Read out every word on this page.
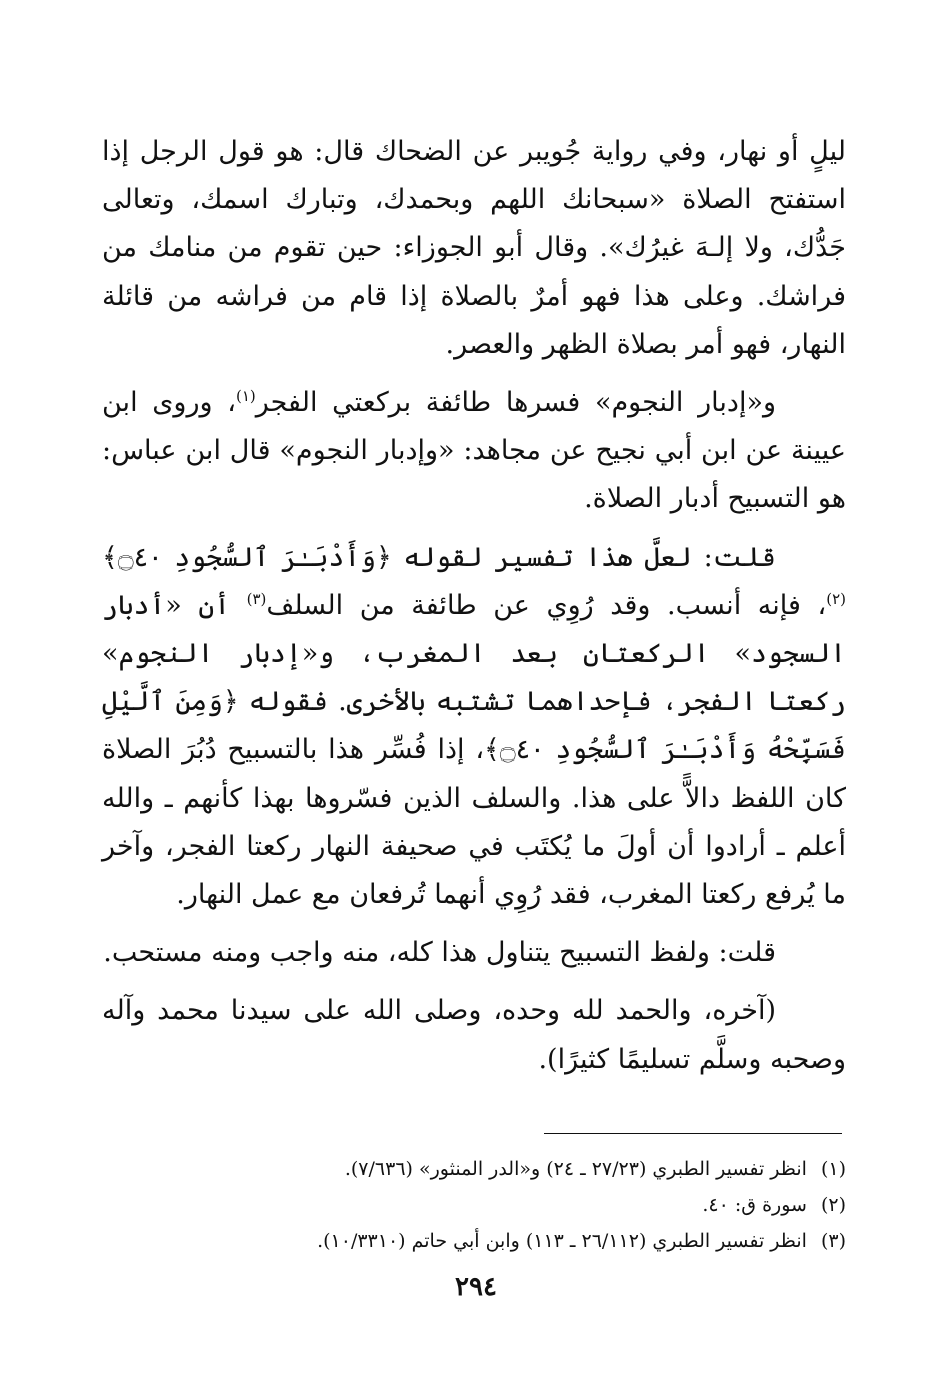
ليلٍ أو نهار، وفي رواية جُويبر عن الضحاك قال: هو قول الرجل إذا استفتح الصلاة «سبحانك اللهم وبحمدك، وتبارك اسمك، وتعالى جَدُّك، ولا إلـهَ غيرُك». وقال أبو الجوزاء: حين تقوم من منامك من فراشك. وعلى هذا فهو أمرٌ بالصلاة إذا قام من فراشه من قائلة النهار، فهو أمر بصلاة الظهر والعصر.

و«إدبار النجوم» فسرها طائفة بركعتي الفجر$^{(١)}$، وروى ابن عيينة عن ابن أبي نجيح عن مجاهد: «وإدبار النجوم» قال ابن عباس: هو التسبيح أدبار الصلاة.

قلت: لعلَّ هذا تفسير لقوله ﴿وَأَدْبَـٰرَ ٱلسُّجُودِ ۝٤٠﴾$^{(٢)}$، فإنه أنسب. وقد رُوِي عن طائفة من السلف$^{(٣)}$ أن «أدبار السجود» الركعتان بعد المغرب، و«إدبار النجوم» ركعتا الفجر، فإحداهما تشتبه بالأخرى. فقوله ﴿وَمِنَ ٱلَّيْلِ فَسَبِّحْهُ وَأَدْبَـٰرَ ٱلسُّجُودِ ۝٤٠﴾، إذا فُسِّر هذا بالتسبيح دُبُرَ الصلاة كان اللفظ دالاًّ على هذا. والسلف الذين فسّروها بهذا كأنهم ـ والله أعلم ـ أرادوا أن أولَ ما يُكتَب في صحيفة النهار ركعتا الفجر، وآخر ما يُرفع ركعتا المغرب، فقد رُوِي أنهما تُرفعان مع عمل النهار.

قلت: ولفظ التسبيح يتناول هذا كله، منه واجب ومنه مستحب.

(آخره، والحمد لله وحده، وصلى الله على سيدنا محمد وآله وصحبه وسلَّم تسليمًا كثيرًا).

(١)انظر تفسير الطبري (٢٧/٢٣ ـ ٢٤) و«الدر المنثور» (٧/٦٣٦).
(٢)سورة ق: ٤٠.
(٣)انظر تفسير الطبري (٢٦/١١٢ ـ ١١٣) وابن أبي حاتم (١٠/٣٣١٠).
٢٩٤
